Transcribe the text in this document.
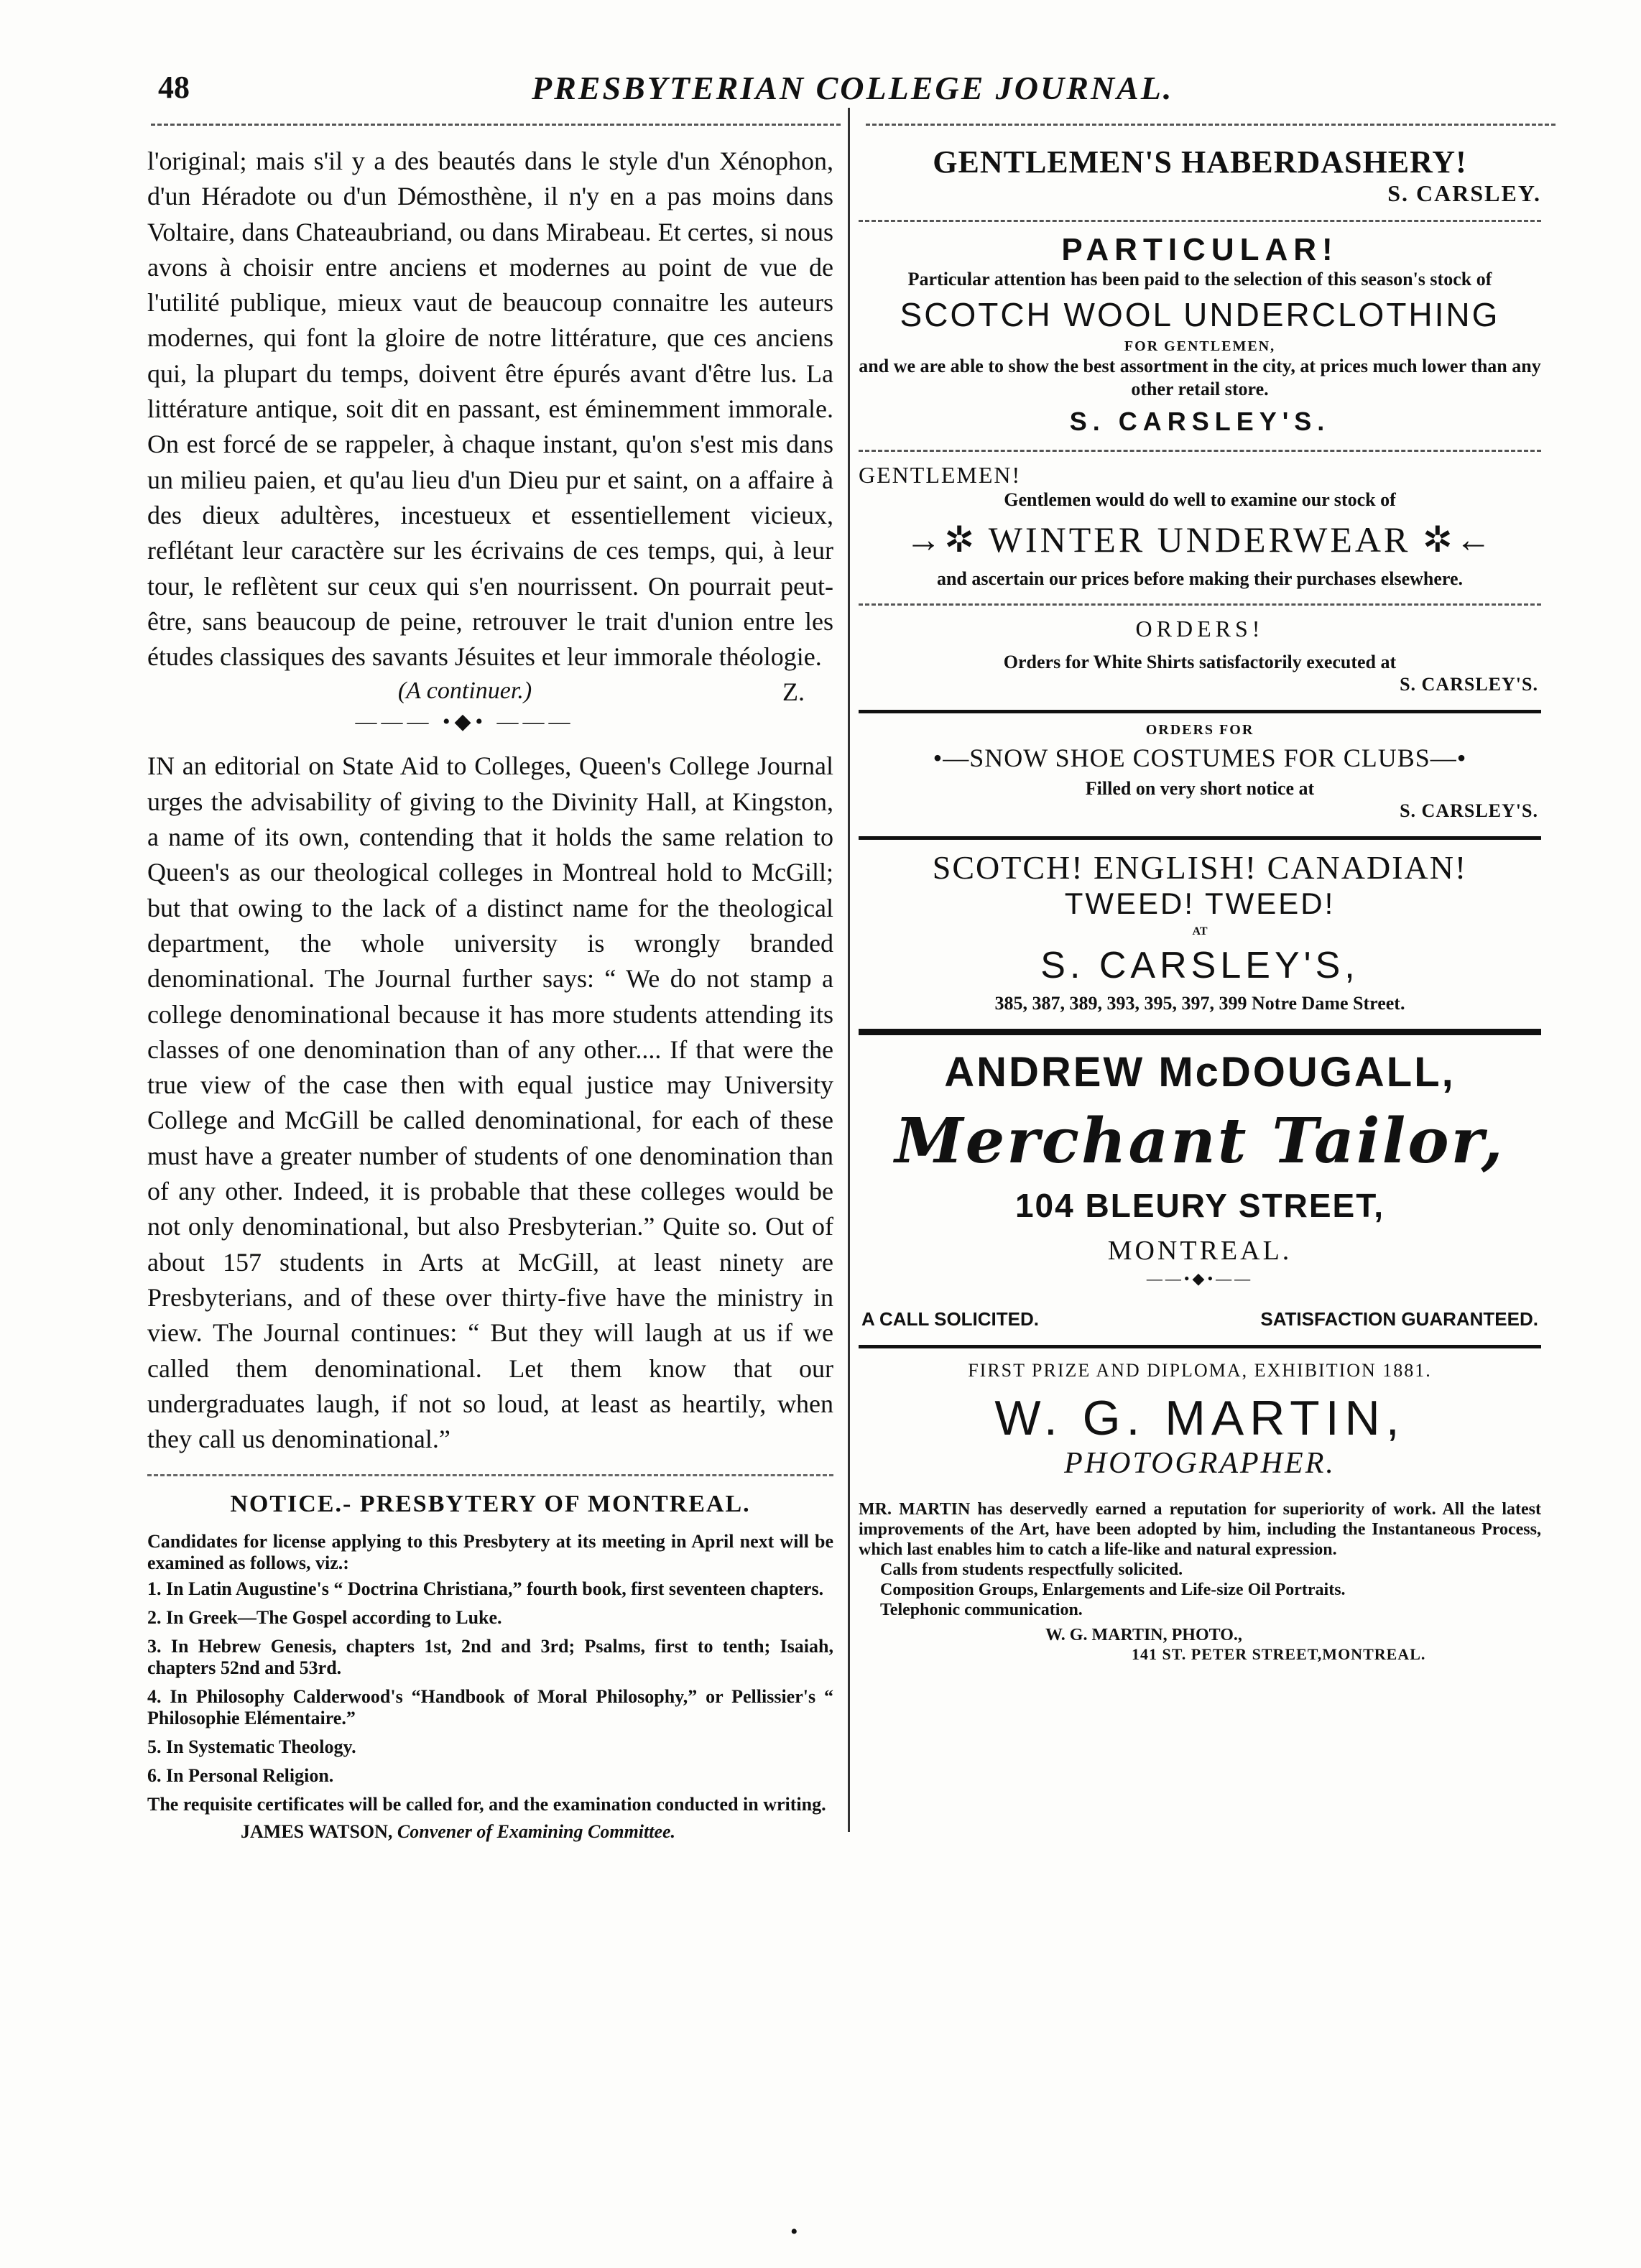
48	PRESBYTERIAN COLLEGE JOURNAL.

l'original; mais s'il y a des beautés dans le style d'un Xénophon, d'un Héradote ou d'un Démosthène, il n'y en a pas moins dans Voltaire, dans Chateaubriand, ou dans Mirabeau. Et certes, si nous avons à choisir entre anciens et modernes au point de vue de l'utilité publique, mieux vaut de beaucoup connaitre les auteurs modernes, qui font la gloire de notre littérature, que ces anciens qui, la plupart du temps, doivent être épurés avant d'être lus. La littérature antique, soit dit en passant, est éminemment immorale. On est forcé de se rappeler, à chaque instant, qu'on s'est mis dans un milieu paien, et qu'au lieu d'un Dieu pur et saint, on a affaire à des dieux adultères, incestueux et essentiellement vicieux, reflétant leur caractère sur les écrivains de ces temps, qui, à leur tour, le reflètent sur ceux qui s'en nourrissent. On pourrait peut-être, sans beaucoup de peine, retrouver le trait d'union entre les études classiques des savants Jésuites et leur immorale théologie.
Z.

(A continuer.)
——— •◆• ———

IN an editorial on State Aid to Colleges, Queen's College Journal urges the advisability of giving to the Divinity Hall, at Kingston, a name of its own, contending that it holds the same relation to Queen's as our theological colleges in Montreal hold to McGill; but that owing to the lack of a distinct name for the theological department, the whole university is wrongly branded denominational. The Journal further says: “ We do not stamp a college denominational because it has more students attending its classes of one denomination than of any other.... If that were the true view of the case then with equal justice may University College and McGill be called denominational, for each of these must have a greater number of students of one denomination than of any other. Indeed, it is probable that these colleges would be not only denominational, but also Presbyterian.” Quite so. Out of about 157 students in Arts at McGill, at least ninety are Presbyterians, and of these over thirty-five have the ministry in view. The Journal continues: “ But they will laugh at us if we called them denominational. Let them know that our undergraduates laugh, if not so loud, at least as heartily, when they call us denominational.”

NOTICE.- PRESBYTERY OF MONTREAL.

Candidates for license applying to this Presbytery at its meeting in April next will be examined as follows, viz.:

1. In Latin Augustine's “ Doctrina Christiana,” fourth book, first seventeen chapters.

2. In Greek—The Gospel according to Luke.

3. In Hebrew Genesis, chapters 1st, 2nd and 3rd; Psalms, first to tenth; Isaiah, chapters 52nd and 53rd.

4. In Philosophy Calderwood's “Handbook of Moral Philosophy,” or Pellissier's “ Philosophie Elémentaire.”

5. In Systematic Theology.

6. In Personal Religion.

The requisite certificates will be called for, and the examination conducted in writing.

JAMES WATSON, Convener of Examining Committee.
GENTLEMEN'S HABERDASHERY!
S. CARSLEY.
PARTICULAR!
Particular attention has been paid to the selection of this season's stock of
SCOTCH WOOL UNDERCLOTHING
FOR GENTLEMEN,
and we are able to show the best assortment in the city, at prices much lower than any other retail store.
S. CARSLEY'S.
GENTLEMEN!
Gentlemen would do well to examine our stock of
→✲ WINTER UNDERWEAR ✲←
and ascertain our prices before making their purchases elsewhere.
ORDERS!
Orders for White Shirts satisfactorily executed at
S. CARSLEY'S.
ORDERS FOR
•—SNOW SHOE COSTUMES FOR CLUBS—•
Filled on very short notice at
S. CARSLEY'S.
SCOTCH! ENGLISH! CANADIAN!
TWEED! TWEED!
AT
S. CARSLEY'S,
385, 387, 389, 393, 395, 397, 399 Notre Dame Street.
ANDREW McDOUGALL,
Merchant Tailor,
104 BLEURY STREET,
MONTREAL.
——•◆•——
A CALL SOLICITED.	SATISFACTION GUARANTEED.
FIRST PRIZE AND DIPLOMA, EXHIBITION 1881.
W. G. MARTIN,
PHOTOGRAPHER.

MR. MARTIN has deservedly earned a reputation for superiority of work. All the latest improvements of the Art, have been adopted by him, including the Instantaneous Process, which last enables him to catch a life-like and natural expression.

Calls from students respectfully solicited.

Composition Groups, Enlargements and Life-size Oil Portraits.

Telephonic communication.

W. G. MARTIN, PHOTO.,
141 ST. PETER STREET,MONTREAL.
•
